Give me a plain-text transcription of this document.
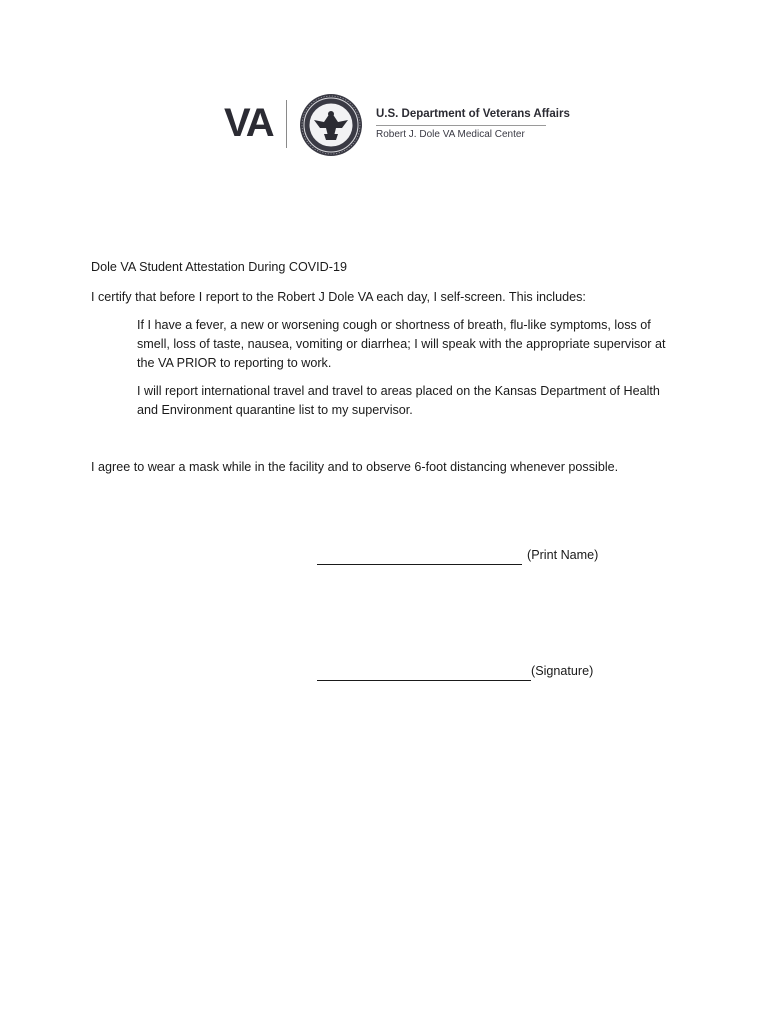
VA	U.S. Department of Veterans Affairs
Robert J. Dole VA Medical Center
Dole VA Student Attestation During COVID-19
I certify that before I report to the Robert J Dole VA each day, I self-screen. This includes:
If I have a fever, a new or worsening cough or shortness of breath, flu-like symptoms, loss of smell, loss of taste, nausea, vomiting or diarrhea; I will speak with the appropriate supervisor at the VA PRIOR to reporting to work.
I will report international travel and travel to areas placed on the Kansas Department of Health and Environment quarantine list to my supervisor.
I agree to wear a mask while in the facility and to observe 6-foot distancing whenever possible.
(Print Name)
(Signature)
